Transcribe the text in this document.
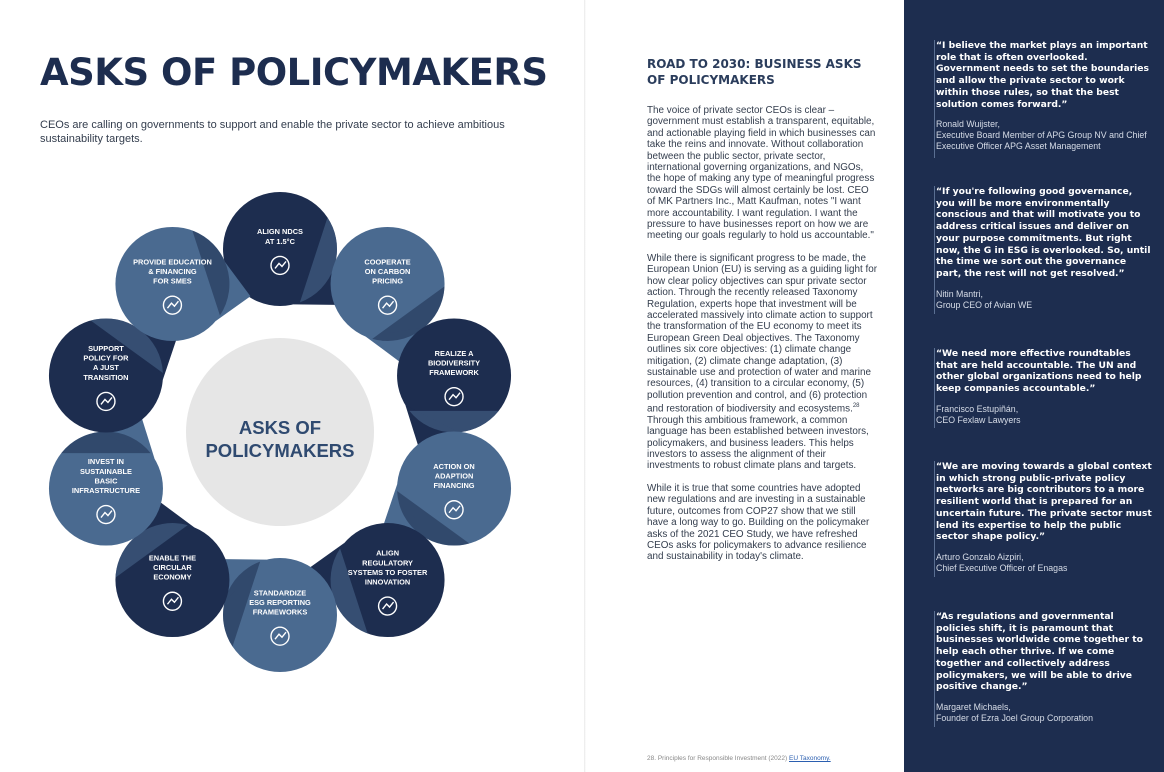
ASKS OF POLICYMAKERS

CEOs are calling on governments to support and enable the private sector to achieve ambitious sustainability targets.

ASKS OF
POLICYMAKERS
ALIGN NDCS
AT 1.5°C
COOPERATE
ON CARBON
PRICING
REALIZE A
BIODIVERSITY
FRAMEWORK
ACTION ON
ADAPTION
FINANCING
ALIGN
REGULATORY
SYSTEMS TO FOSTER
INNOVATION
STANDARDIZE
ESG REPORTING
FRAMEWORKS
ENABLE THE
CIRCULAR
ECONOMY
INVEST IN
SUSTAINABLE
BASIC
INFRASTRUCTURE
SUPPORT
POLICY FOR
A JUST
TRANSITION
PROVIDE EDUCATION
& FINANCING
FOR SMES
ROAD TO 2030: BUSINESS ASKS OF POLICYMAKERS

The voice of private sector CEOs is clear – government must establish a transparent, equitable, and actionable playing field in which businesses can take the reins and innovate. Without collaboration between the public sector, private sector, international governing organizations, and NGOs, the hope of making any type of meaningful progress toward the SDGs will almost certainly be lost. CEO of MK Partners Inc., Matt Kaufman, notes "I want more accountability. I want regulation. I want the pressure to have businesses report on how we are meeting our goals regularly to hold us accountable."

While there is significant progress to be made, the European Union (EU) is serving as a guiding light for how clear policy objectives can spur private sector action. Through the recently released Taxonomy Regulation, experts hope that investment will be accelerated massively into climate action to support the transformation of the EU economy to meet its European Green Deal objectives. The Taxonomy outlines six core objectives: (1) climate change mitigation, (2) climate change adaptation, (3) sustainable use and protection of water and marine resources, (4) transition to a circular economy, (5) pollution prevention and control, and (6) protection and restoration of biodiversity and ecosystems.$^{28}$ Through this ambitious framework, a common language has been established between investors, policymakers, and business leaders. This helps investors to assess the alignment of their investments to robust climate plans and targets.

While it is true that some countries have adopted new regulations and are investing in a sustainable future, outcomes from COP27 show that we still have a long way to go. Building on the policymaker asks of the 2021 CEO Study, we have refreshed CEOs asks for policymakers to advance resilience and sustainability in today's climate.

28. Principles for Responsible Investment (2022) EU Taxonomy.

“I believe the market plays an important role that is often overlooked. Government needs to set the boundaries and allow the private sector to work within those rules, so that the best solution comes forward.”

Ronald Wuijster,
Executive Board Member of APG Group NV and Chief Executive Officer APG Asset Management

“If you're following good governance, you will be more environmentally conscious and that will motivate you to address critical issues and deliver on your purpose commitments. But right now, the G in ESG is overlooked. So, until the time we sort out the governance part, the rest will not get resolved.”

Nitin Mantri,
Group CEO of Avian WE

“We need more effective roundtables that are held accountable. The UN and other global organizations need to help keep companies accountable.”

Francisco Estupiñán,
CEO Fexlaw Lawyers

“We are moving towards a global context in which strong public-private policy networks are big contributors to a more resilient world that is prepared for an uncertain future. The private sector must lend its expertise to help the public sector shape policy.”

Arturo Gonzalo Aizpiri,
Chief Executive Officer of Enagas

“As regulations and governmental policies shift, it is paramount that businesses worldwide come together to help each other thrive. If we come together and collectively address policymakers, we will be able to drive positive change.”

Margaret Michaels,
Founder of Ezra Joel Group Corporation
